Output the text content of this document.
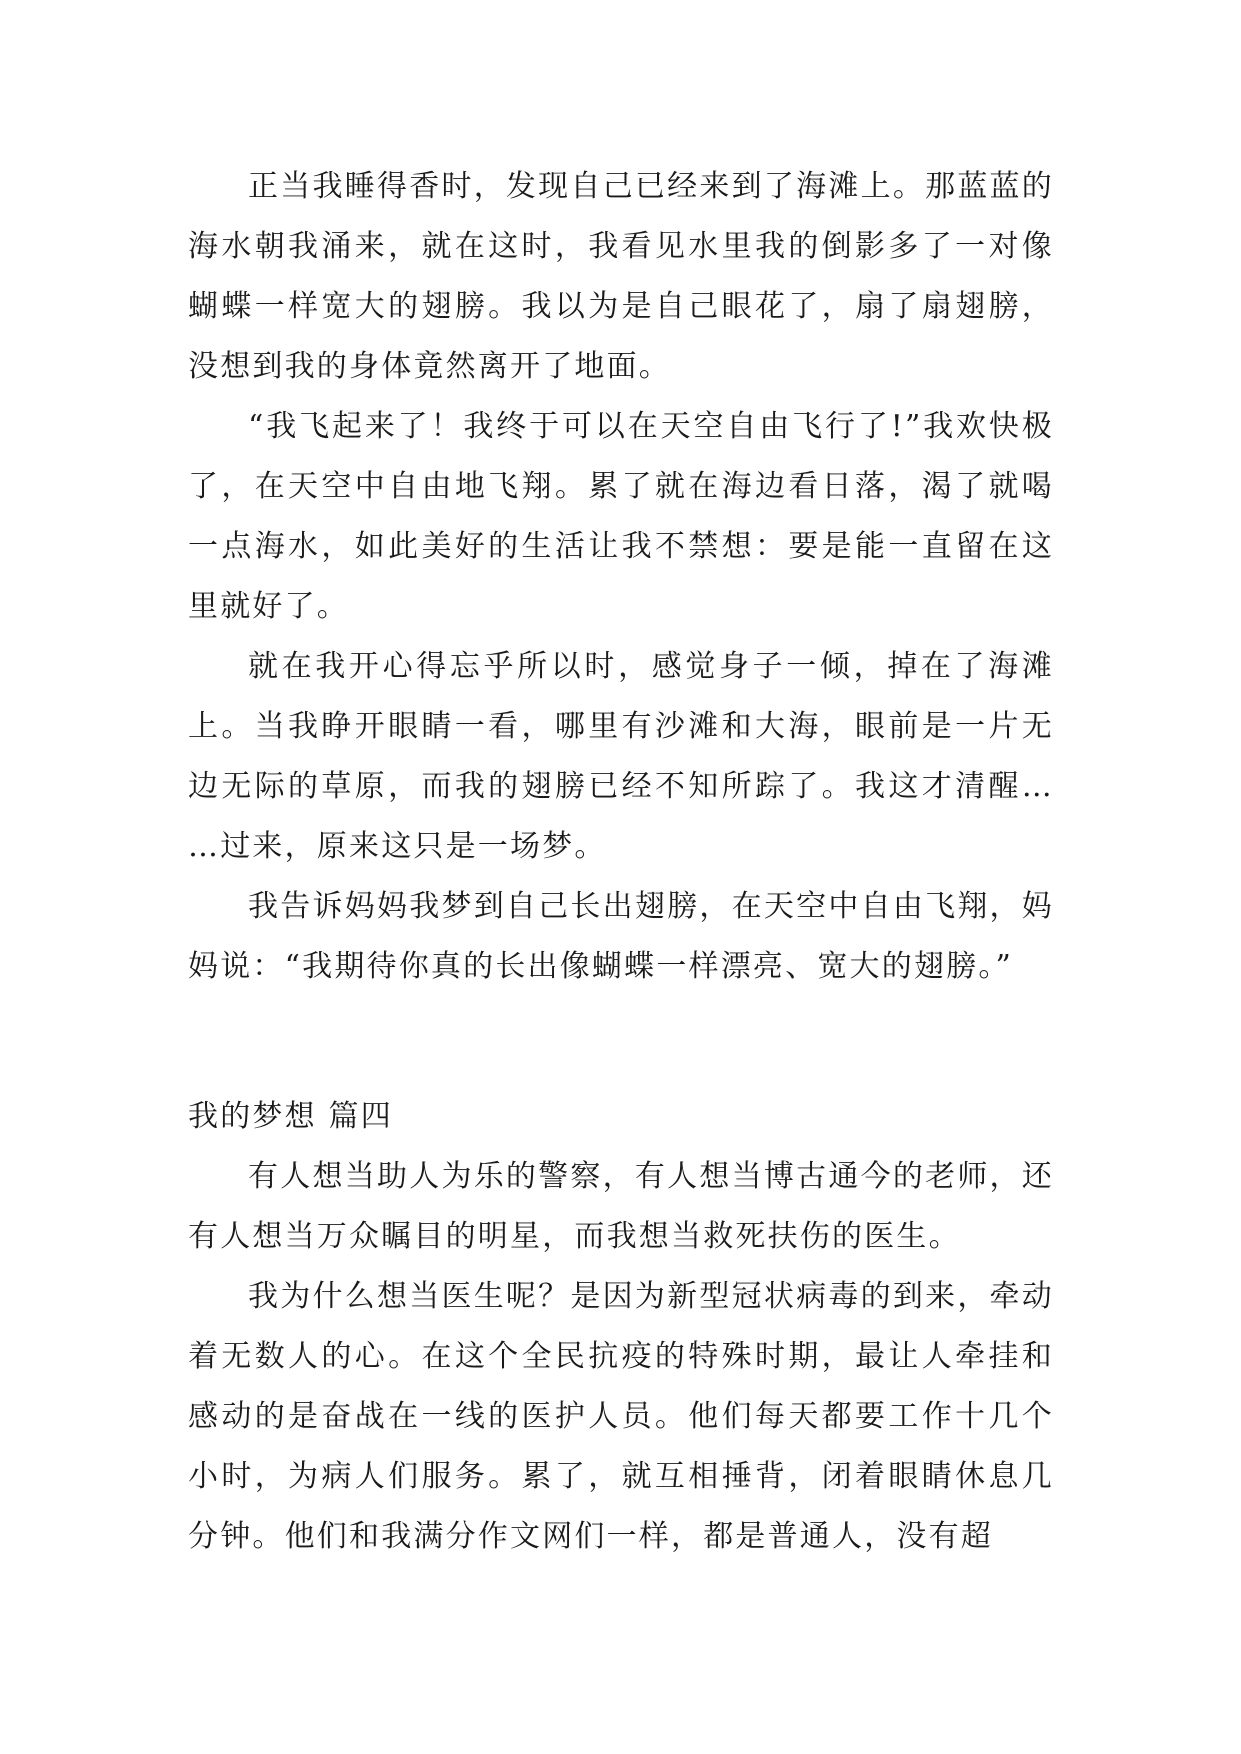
正当我睡得香时，发现自己已经来到了海滩上。那蓝蓝的海水朝我涌来，就在这时，我看见水里我的倒影多了一对像蝴蝶一样宽大的翅膀。我以为是自己眼花了，扇了扇翅膀，没想到我的身体竟然离开了地面。

“我飞起来了！我终于可以在天空自由飞行了!”我欢快极了，在天空中自由地飞翔。累了就在海边看日落，渴了就喝一点海水，如此美好的生活让我不禁想：要是能一直留在这里就好了。

就在我开心得忘乎所以时，感觉身子一倾，掉在了海滩上。当我睁开眼睛一看，哪里有沙滩和大海，眼前是一片无边无际的草原，而我的翅膀已经不知所踪了。我这才清醒… …过来，原来这只是一场梦。

我告诉妈妈我梦到自己长出翅膀，在天空中自由飞翔，妈妈说：“我期待你真的长出像蝴蝶一样漂亮、宽大的翅膀。”

我的梦想 篇四

有人想当助人为乐的警察，有人想当博古通今的老师，还有人想当万众瞩目的明星，而我想当救死扶伤的医生。

我为什么想当医生呢？是因为新型冠状病毒的到来，牵动着无数人的心。在这个全民抗疫的特殊时期，最让人牵挂和感动的是奋战在一线的医护人员。他们每天都要工作十几个小时，为病人们服务。累了，就互相捶背，闭着眼睛休息几分钟。他们和我满分作文网们一样，都是普通人，没有超
